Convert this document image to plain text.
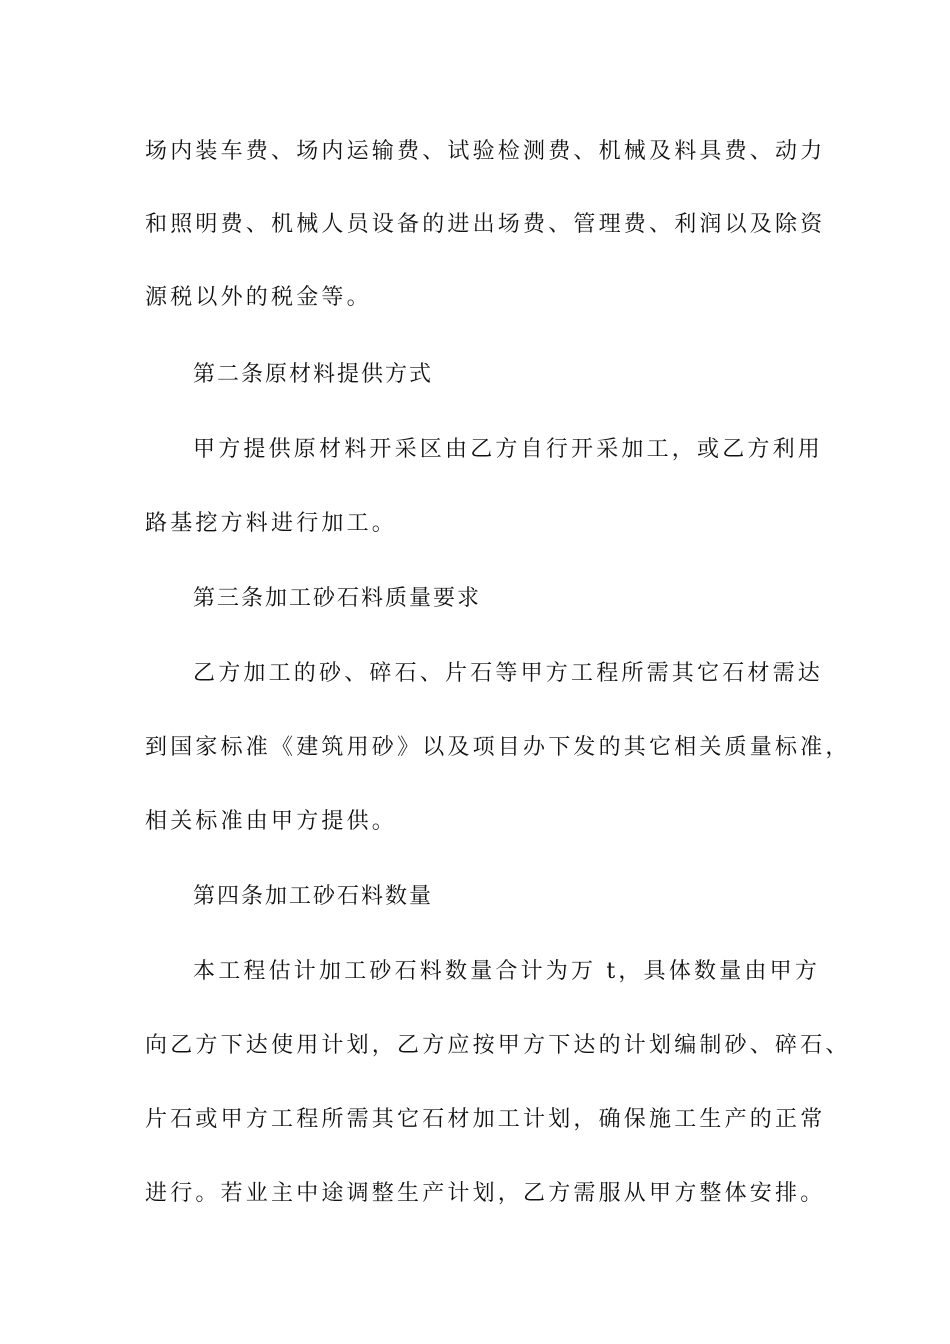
场内装车费、场内运输费、试验检测费、机械及料具费、动力
和照明费、机械人员设备的进出场费、管理费、利润以及除资
源税以外的税金等。
第二条原材料提供方式
甲方提供原材料开采区由乙方自行开采加工，或乙方利用
路基挖方料进行加工。
第三条加工砂石料质量要求
乙方加工的砂、碎石、片石等甲方工程所需其它石材需达
到国家标准《建筑用砂》以及项目办下发的其它相关质量标准，
相关标准由甲方提供。
第四条加工砂石料数量
本工程估计加工砂石料数量合计为万 t，具体数量由甲方
向乙方下达使用计划，乙方应按甲方下达的计划编制砂、碎石、
片石或甲方工程所需其它石材加工计划，确保施工生产的正常
进行。若业主中途调整生产计划，乙方需服从甲方整体安排。
